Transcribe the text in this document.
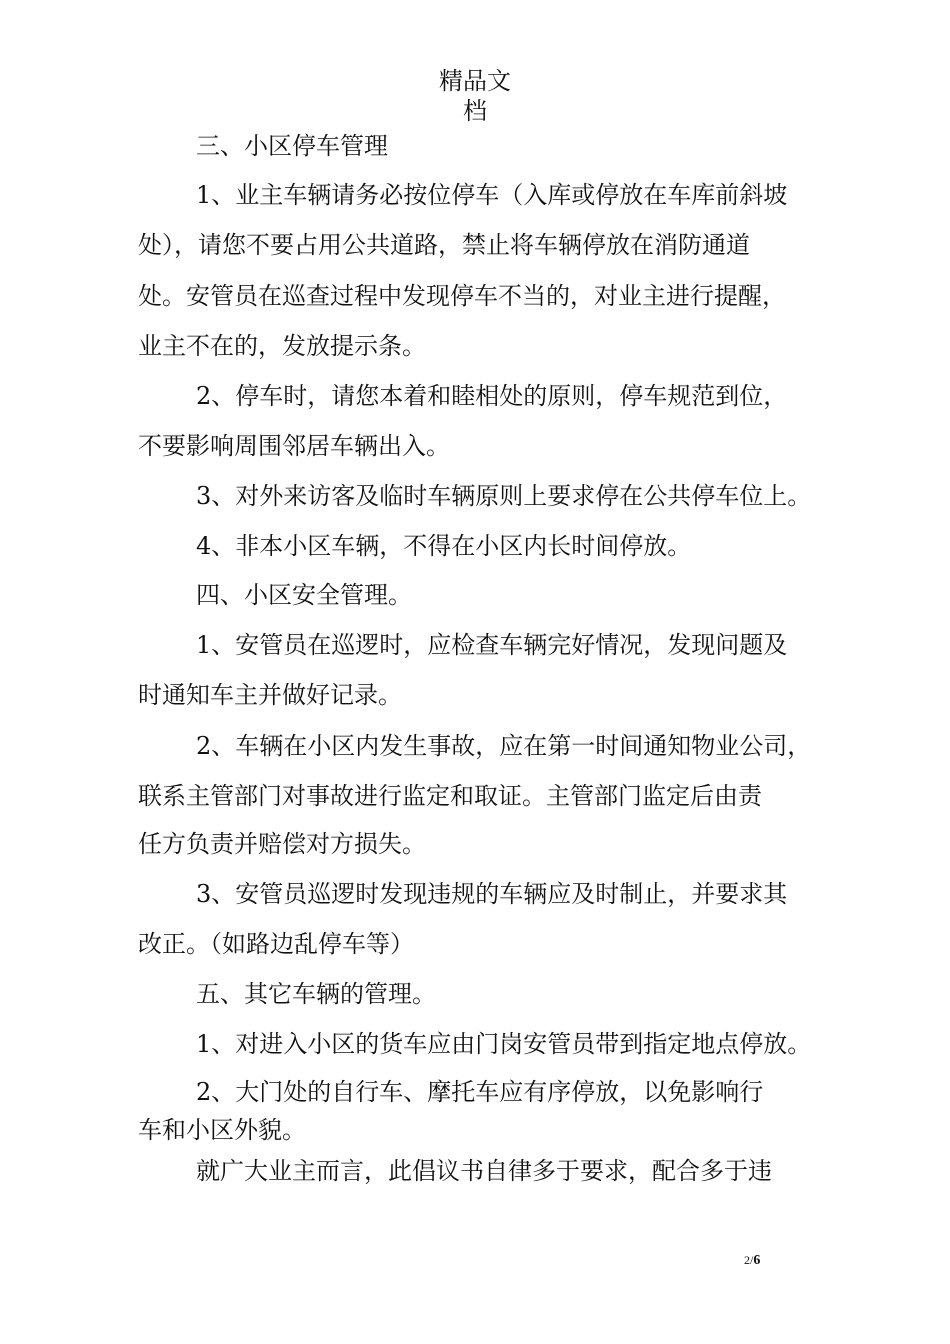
精品文
档
三、小区停车管理
1、业主车辆请务必按位停车（入库或停放在车库前斜坡
处），请您不要占用公共道路，禁止将车辆停放在消防通道
处。安管员在巡查过程中发现停车不当的，对业主进行提醒，
业主不在的，发放提示条。
2、停车时，请您本着和睦相处的原则，停车规范到位，
不要影响周围邻居车辆出入。
3、对外来访客及临时车辆原则上要求停在公共停车位上。
4、非本小区车辆，不得在小区内长时间停放。
四、小区安全管理。
1、安管员在巡逻时，应检查车辆完好情况，发现问题及
时通知车主并做好记录。
2、车辆在小区内发生事故，应在第一时间通知物业公司，
联系主管部门对事故进行监定和取证。主管部门监定后由责
任方负责并赔偿对方损失。
3、安管员巡逻时发现违规的车辆应及时制止，并要求其
改正。（如路边乱停车等）
五、其它车辆的管理。
1、对进入小区的货车应由门岗安管员带到指定地点停放。
2、大门处的自行车、摩托车应有序停放，以免影响行
车和小区外貌。
就广大业主而言，此倡议书自律多于要求，配合多于违
2/6
